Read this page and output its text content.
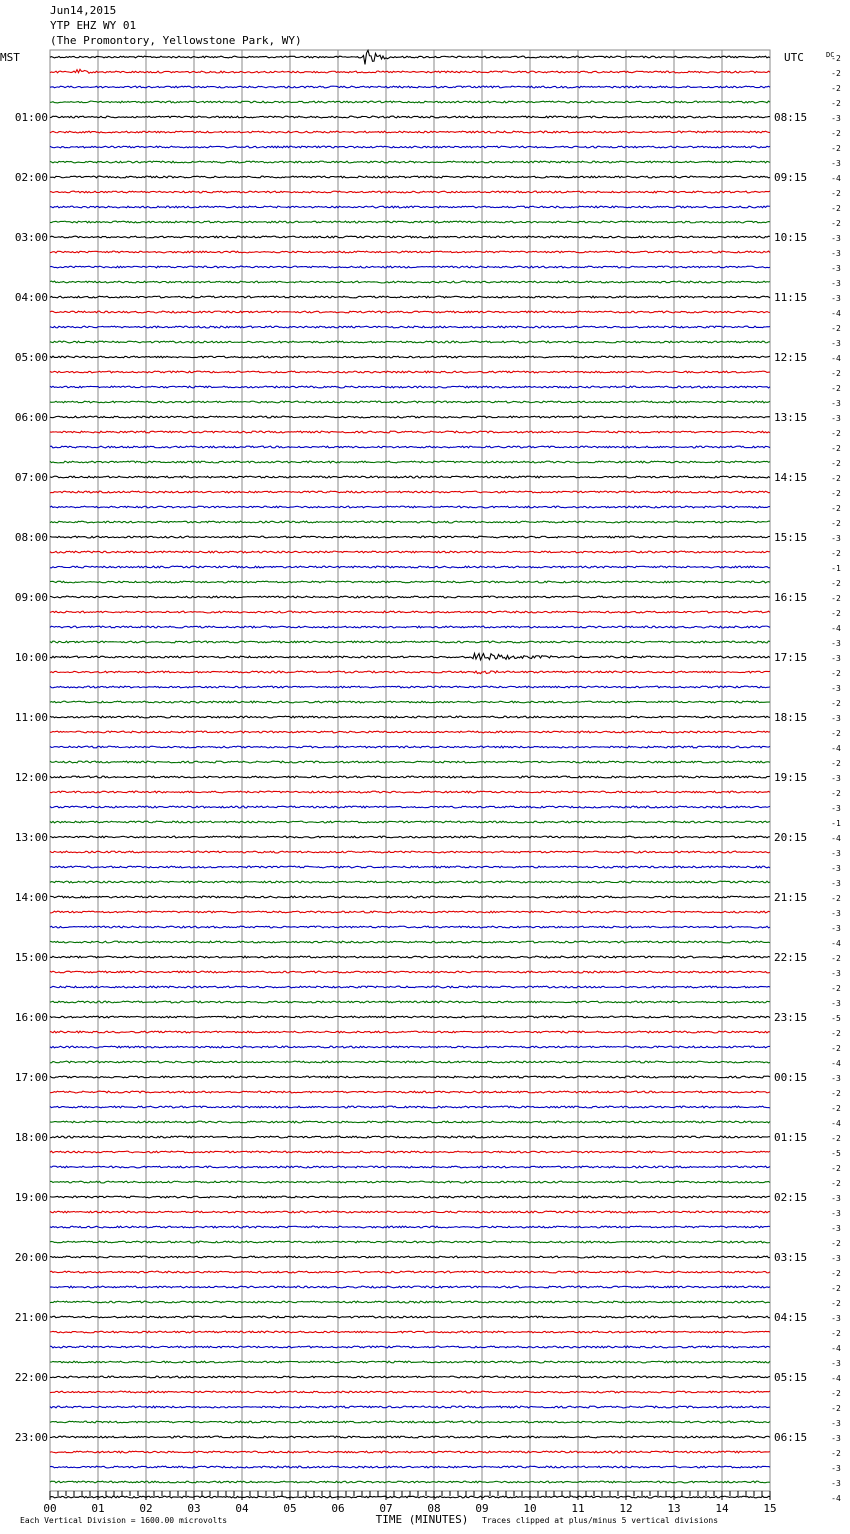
Jun14,2015
YTP EHZ WY 01
(The Promontory, Yellowstone Park, WY)
-2
-2
-2
-2
-3
-2
-2
-3
-4
-2
-2
-2
-3
-3
-3
-3
-3
-4
-2
-3
-4
-2
-2
-3
-3
-2
-2
-2
-2
-2
-2
-2
-3
-2
-1
-2
-2
-2
-4
-3
-3
-2
-3
-2
-3
-2
-4
-2
-3
-2
-3
-1
-4
-3
-3
-3
-2
-3
-3
-4
-2
-3
-2
-3
-5
-2
-2
-4
-3
-2
-2
-4
-2
-5
-2
-2
-3
-3
-3
-2
-3
-2
-2
-2
-3
-2
-4
-3
-4
-2
-2
-3
-3
-2
-3
-3
-4
MST	UTC	DC
01:00
02:00
03:00
04:00
05:00
06:00
07:00
08:00
09:00
10:00
11:00
12:00
13:00
14:00
15:00
16:00
17:00
18:00
19:00
20:00
21:00
22:00
23:00
08:15
09:15
10:15
11:15
12:15
13:15
14:15
15:15
16:15
17:15
18:15
19:15
20:15
21:15
22:15
23:15
00:15
01:15
02:15
03:15
04:15
05:15
06:15
00	01	02	03	04	05	06	07	08	09	10	11	12	13	14	15
TIME (MINUTES)
Each Vertical Division = 1600.00 microvolts	Traces clipped at plus/minus 5 vertical divisions
